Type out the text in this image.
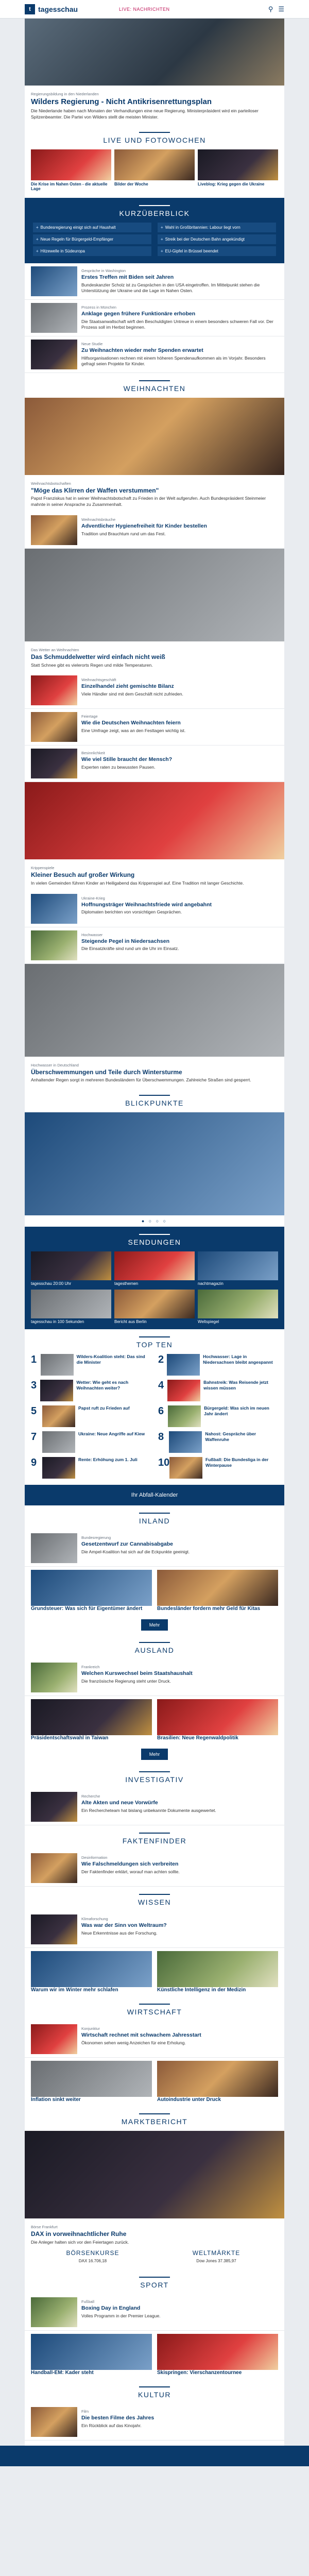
t	tagesschau	LIVE: NACHRICHTEN	⚲ ☰
Regierungsbildung in den Niederlanden
Wilders Regierung - Nicht Antikrisenrettungsplan
Die Niederlande haben nach Monaten der Verhandlungen eine neue Regierung. Ministerpräsident wird ein parteiloser Spitzenbeamter. Die Partei von Wilders stellt die meisten Minister.
LIVE UND FOTOWOCHEN
Die Krise im Nahen Osten - die aktuelle Lage
Bilder der Woche	Liveblog: Krieg gegen die Ukraine
KURZÜBERBLICK
+ Bundesregierung einigt sich auf Haushalt	+ Wahl in Großbritannien: Labour liegt vorn
+ Neue Regeln für Bürgergeld-Empfänger	+ Streik bei der Deutschen Bahn angekündigt
+ Hitzewelle in Südeuropa	+ EU-Gipfel in Brüssel beendet
Gespräche in Washington
Erstes Treffen mit Biden seit Jahren
Bundeskanzler Scholz ist zu Gesprächen in den USA eingetroffen. Im Mittelpunkt stehen die Unterstützung der Ukraine und die Lage im Nahen Osten.
Prozess in München
Anklage gegen frühere Funktionäre erhoben
Die Staatsanwaltschaft wirft den Beschuldigten Untreue in einem besonders schweren Fall vor. Der Prozess soll im Herbst beginnen.
Neue Studie
Zu Weihnachten wieder mehr Spenden erwartet
Hilfsorganisationen rechnen mit einem höheren Spendenaufkommen als im Vorjahr. Besonders gefragt seien Projekte für Kinder.
WEIHNACHTEN
Weihnachtsbotschaften
"Möge das Klirren der Waffen verstummen"
Papst Franziskus hat in seiner Weihnachtsbotschaft zu Frieden in der Welt aufgerufen. Auch Bundespräsident Steinmeier mahnte in seiner Ansprache zu Zusammenhalt.
Weihnachtsbräuche
Adventlicher Hygienefreiheit für Kinder bestellen
Tradition und Brauchtum rund um das Fest.
Das Wetter an Weihnachten
Das Schmuddelwetter wird einfach nicht weiß
Statt Schnee gibt es vielerorts Regen und milde Temperaturen.
Weihnachtsgeschäft
Einzelhandel zieht gemischte Bilanz
Viele Händler sind mit dem Geschäft nicht zufrieden.
Feiertage
Wie die Deutschen Weihnachten feiern
Eine Umfrage zeigt, was an den Festtagen wichtig ist.
Besinnlichkeit
Wie viel Stille braucht der Mensch?
Experten raten zu bewussten Pausen.
Krippenspiele
Kleiner Besuch auf großer Wirkung
In vielen Gemeinden führen Kinder an Heiligabend das Krippenspiel auf. Eine Tradition mit langer Geschichte.
Ukraine-Krieg
Hoffnungsträger Weihnachtsfriede wird angebahnt
Diplomaten berichten von vorsichtigen Gesprächen.
Hochwasser
Steigende Pegel in Niedersachsen
Die Einsatzkräfte sind rund um die Uhr im Einsatz.
Hochwasser in Deutschland
Überschwemmungen und Teile durch Wintersturme
Anhaltender Regen sorgt in mehreren Bundesländern für Überschwemmungen. Zahlreiche Straßen sind gesperrt.
BLICKPUNKTE
● ○ ○ ○
SENDUNGEN
tagesschau 20:00 Uhr	tagesthemen	nachtmagazin
tagesschau in 100 Sekunden	Bericht aus Berlin	Weltspiegel
TOP TEN
1	Wilders-Koalition steht: Das sind die Minister	2	Hochwasser: Lage in Niedersachsen bleibt angespannt
3	Wetter: Wie geht es nach Weihnachten weiter?	4	Bahnstreik: Was Reisende jetzt wissen müssen
5	Papst ruft zu Frieden auf	6	Bürgergeld: Was sich im neuen Jahr ändert
7	Ukraine: Neue Angriffe auf Kiew 8	Nahost: Gespräche über Waffenruhe
9	Rente: Erhöhung zum 1. Juli 10	Fußball: Die Bundesliga in der Winterpause
Ihr Abfall-Kalender
INLAND
Bundesregierung
Gesetzentwurf zur Cannabisabgabe
Die Ampel-Koalition hat sich auf die Eckpunkte geeinigt.
Grundsteuer: Was sich für Eigentümer ändert	Bundesländer fordern mehr Geld für Kitas
Mehr
AUSLAND
Frankreich
Welchen Kurswechsel beim Staatshaushalt
Die französische Regierung steht unter Druck.
Präsidentschaftswahl in Taiwan	Brasilien: Neue Regenwaldpolitik
Mehr
INVESTIGATIV
Recherche
Alte Akten und neue Vorwürfe
Ein Rechercheteam hat bislang unbekannte Dokumente ausgewertet.
FAKTENFINDER
Desinformation
Wie Falschmeldungen sich verbreiten
Der Faktenfinder erklärt, worauf man achten sollte.
WISSEN
Klimaforschung
Was war der Sinn von Weltraum?
Neue Erkenntnisse aus der Forschung.
Warum wir im Winter mehr schlafen	Künstliche Intelligenz in der Medizin
WIRTSCHAFT
Konjunktur
Wirtschaft rechnet mit schwachem Jahresstart
Ökonomen sehen wenig Anzeichen für eine Erholung.
Inflation sinkt weiter	Autoindustrie unter Druck
MARKTBERICHT
Börse Frankfurt
DAX in vorweihnachtlicher Ruhe
Die Anleger halten sich vor den Feiertagen zurück.
BÖRSENKURSE
DAX 16.706,18
WELTMÄRKTE
Dow Jones 37.385,97
SPORT
Fußball
Boxing Day in England
Volles Programm in der Premier League.
Handball-EM: Kader steht	Skispringen: Vierschanzentournee
KULTUR
Film
Die besten Filme des Jahres
Ein Rückblick auf das Kinojahr.
